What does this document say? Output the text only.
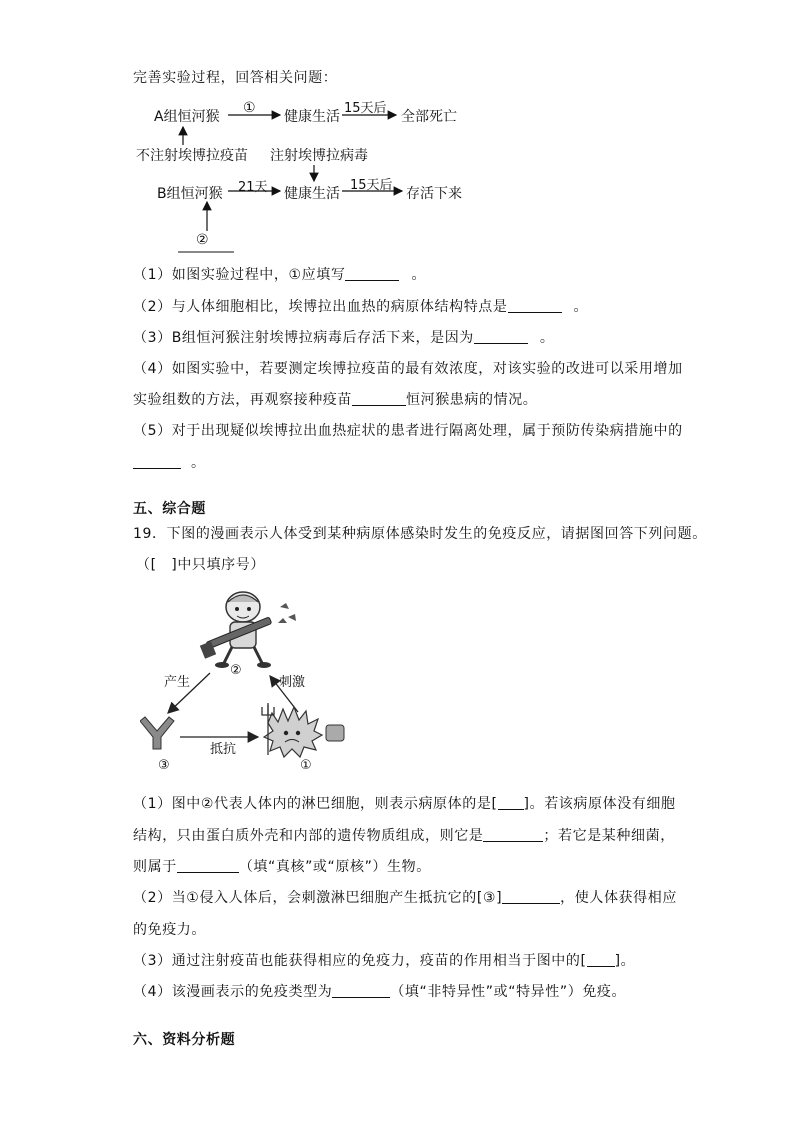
完善实验过程，回答相关问题：
A组恒河猴
①
健康生活
15天后
全部死亡
不注射埃博拉疫苗 注射埃博拉病毒
B组恒河猴 21天 健康生活
15天后
存活下来
②
（1）如图实验过程中，①应填写	。
（2）与人体细胞相比，埃博拉出血热的病原体结构特点是	。
（3）B组恒河猴注射埃博拉病毒后存活下来，是因为	。
（4）如图实验中，若要测定埃博拉疫苗的最有效浓度，对该实验的改进可以采用增加
实验组数的方法，再观察接种疫苗	恒河猴患病的情况。
（5）对于出现疑似埃博拉出血热症状的患者进行隔离处理，属于预防传染病措施中的
。
五、综合题
19．下图的漫画表示人体受到某种病原体感染时发生的免疫反应，请据图回答下列问题。
（[　]中只填序号）
产生
②
刺激
抵抗
③	①
（1）图中②代表人体内的淋巴细胞，则表示病原体的是[ ]。若该病原体没有细胞
结构，只由蛋白质外壳和内部的遗传物质组成，则它是	；若它是某种细菌，
则属于	（填“真核”或“原核”）生物。
（2）当①侵入人体后，会刺激淋巴细胞产生抵抗它的[③]	，使人体获得相应
的免疫力。
（3）通过注射疫苗也能获得相应的免疫力，疫苗的作用相当于图中的[ ]。
（4）该漫画表示的免疫类型为	（填“非特异性”或“特异性”）免疫。
六、资料分析题
